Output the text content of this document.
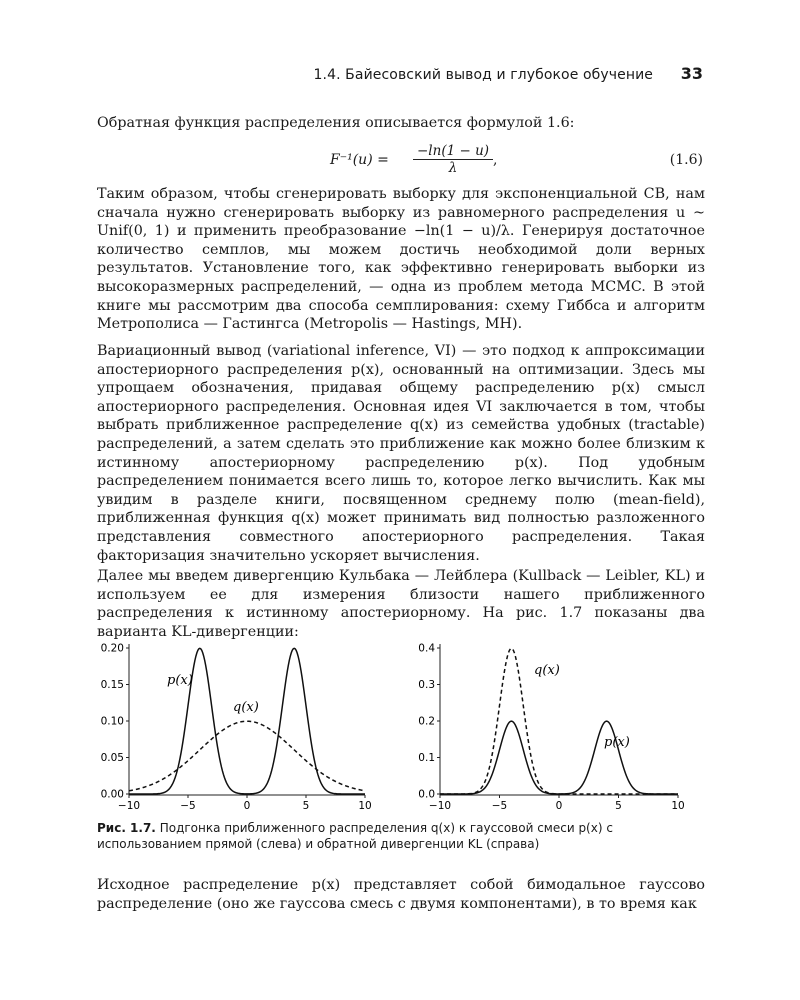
1.4. Байесовский вывод и глубокое обучение 33

Обратная функция распределения описывается формулой 1.6:

$F^{-1}(u) = \frac{-\ln(1 - u)}{\lambda}$ ,	(1.6)

Таким образом, чтобы сгенерировать выборку для экспоненциальной СВ, нам сначала нужно сгенерировать выборку из равномерного распределения u ~ Unif(0, 1) и применить преобразование −ln(1 − u)/λ. Генерируя достаточное количество семплов, мы можем достичь необходимой доли верных результатов. Установление того, как эффективно генерировать выборки из высокоразмерных распределений, — одна из проблем метода MCMC. В этой книге мы рассмотрим два способа семплирования: схему Гиббса и алгоритм Метрополиса — Гастингса (Metropolis — Hastings, MH).

Вариационный вывод (variational inference, VI) — это подход к аппроксимации апостериорного распределения p(x), основанный на оптимизации. Здесь мы упрощаем обозначения, придавая общему распределению p(x) смысл апостериорного распределения. Основная идея VI заключается в том, чтобы выбрать приближенное распределение q(x) из семейства удобных (tractable) распределений, а затем сделать это приближение как можно более близким к истинному апостериорному распределению p(x). Под удобным распределением понимается всего лишь то, которое легко вычислить. Как мы увидим в разделе книги, посвященном среднему полю (mean-field), приближенная функция q(x) может принимать вид полностью разложенного представления совместного апостериорного распределения. Такая факторизация значительно ускоряет вычисления.

Далее мы введем дивергенцию Кульбака — Лейблера (Kullback — Leibler, KL) и используем ее для измерения близости нашего приближенного распределения к истинному апостериорному. На рис. 1.7 показаны два варианта KL-дивергенции:

0.00
0.05
0.10
0.15
0.20
−10	−5	0	5	10
p(x)
q(x)
0.0
0.1
0.2
0.3
0.4
−10	−5	0	5	10
q(x)
p(x)
Рис. 1.7. Подгонка приближенного распределения q(x) к гауссовой смеси p(x) с использованием прямой (слева) и обратной дивергенции KL (справа)

Исходное распределение p(x) представляет собой бимодальное гауссово распределение (оно же гауссова смесь с двумя компонентами), в то время как
